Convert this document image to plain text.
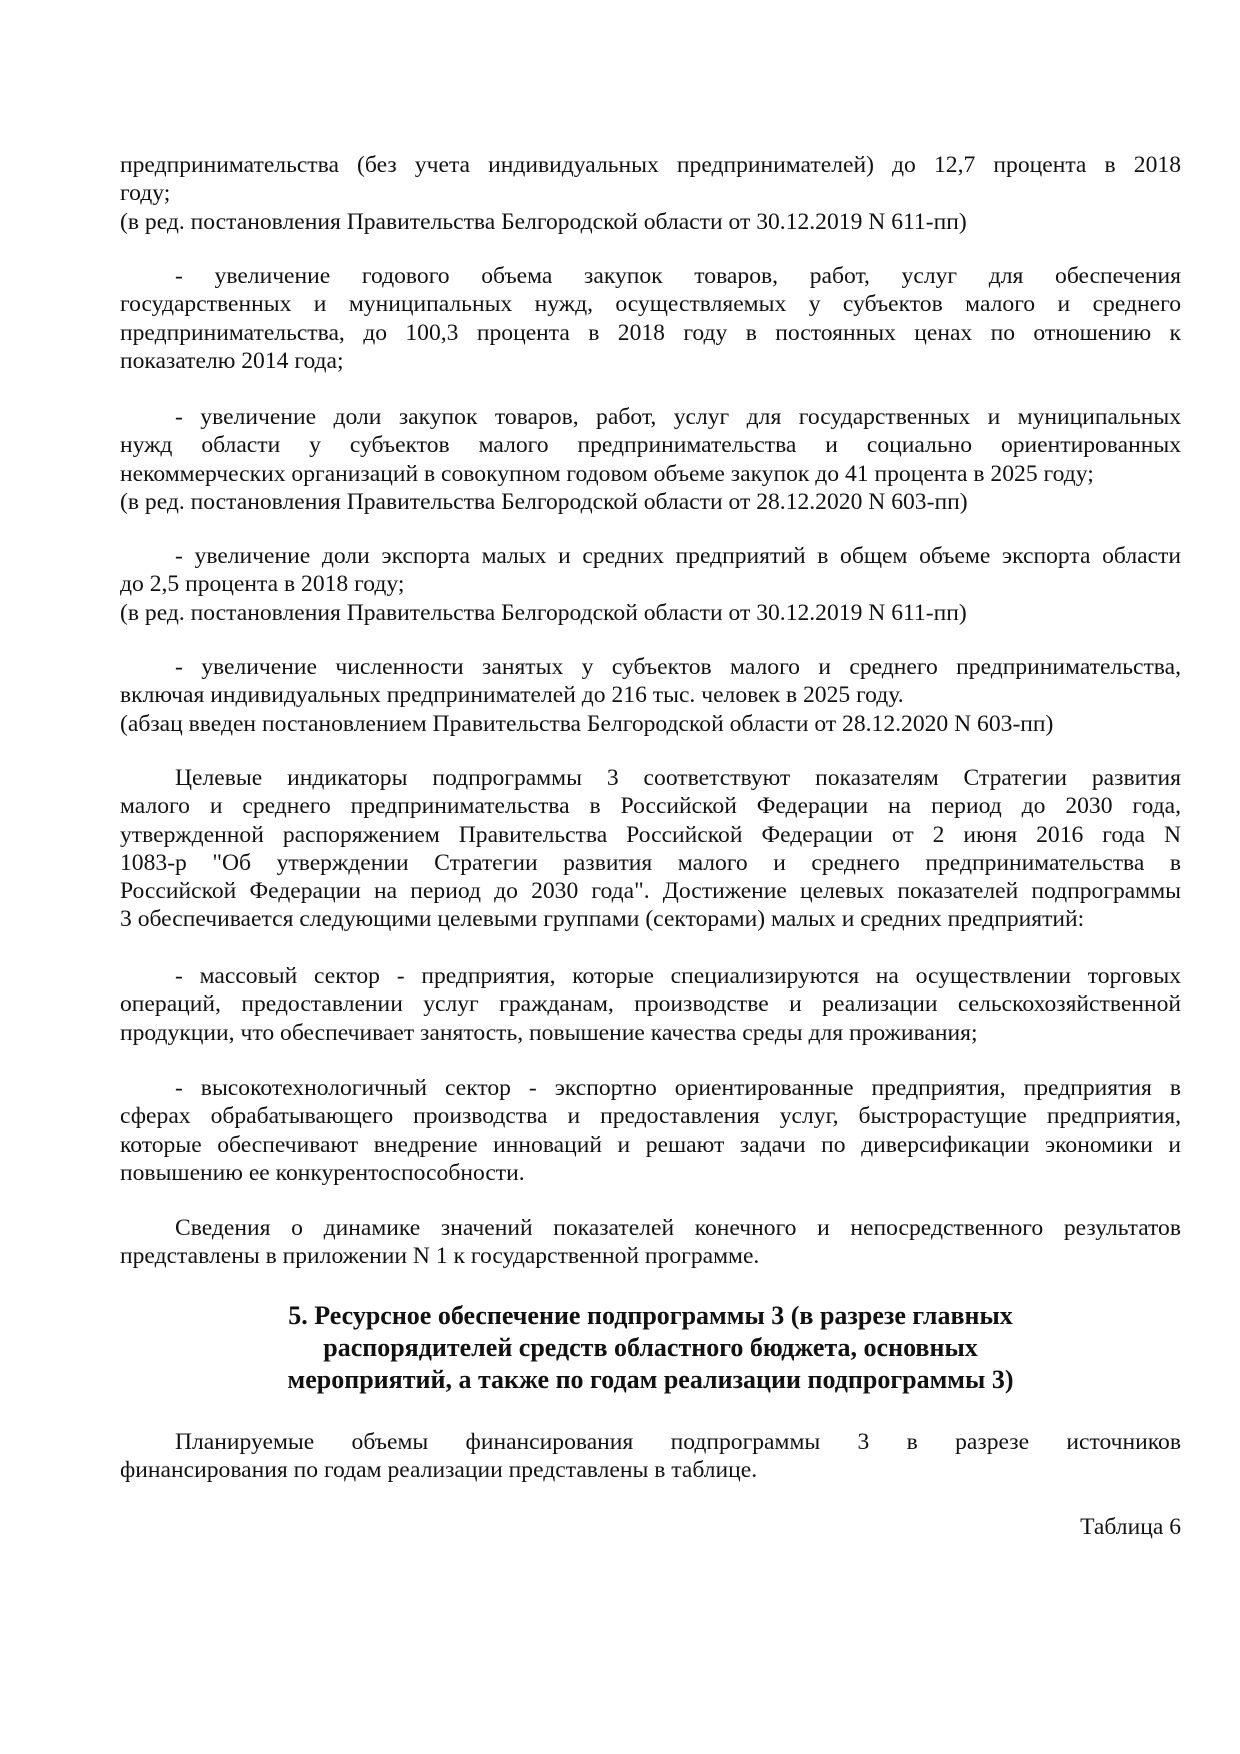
5. Ресурсное обеспечение подпрограммы 3 (в разрезе главных
распорядителей средств областного бюджета, основных
мероприятий, а также по годам реализации подпрограммы 3)
Таблица 6
предпринимательства (без учета индивидуальных предпринимателей) до 12,7 процента в 2018
году;
(в ред. постановления Правительства Белгородской области от 30.12.2019 N 611-пп)
- увеличение годового объема закупок товаров, работ, услуг для обеспечения
государственных и муниципальных нужд, осуществляемых у субъектов малого и среднего
предпринимательства, до 100,3 процента в 2018 году в постоянных ценах по отношению к
показателю 2014 года;
- увеличение доли закупок товаров, работ, услуг для государственных и муниципальных
нужд области у субъектов малого предпринимательства и социально ориентированных
некоммерческих организаций в совокупном годовом объеме закупок до 41 процента в 2025 году;
(в ред. постановления Правительства Белгородской области от 28.12.2020 N 603-пп)
- увеличение доли экспорта малых и средних предприятий в общем объеме экспорта области
до 2,5 процента в 2018 году;
(в ред. постановления Правительства Белгородской области от 30.12.2019 N 611-пп)
- увеличение численности занятых у субъектов малого и среднего предпринимательства,
включая индивидуальных предпринимателей до 216 тыс. человек в 2025 году.
(абзац введен постановлением Правительства Белгородской области от 28.12.2020 N 603-пп)
Целевые индикаторы подпрограммы 3 соответствуют показателям Стратегии развития
малого и среднего предпринимательства в Российской Федерации на период до 2030 года,
утвержденной распоряжением Правительства Российской Федерации от 2 июня 2016 года N
1083-р "Об утверждении Стратегии развития малого и среднего предпринимательства в
Российской Федерации на период до 2030 года". Достижение целевых показателей подпрограммы
3 обеспечивается следующими целевыми группами (секторами) малых и средних предприятий:
- массовый сектор - предприятия, которые специализируются на осуществлении торговых
операций, предоставлении услуг гражданам, производстве и реализации сельскохозяйственной
продукции, что обеспечивает занятость, повышение качества среды для проживания;
- высокотехнологичный сектор - экспортно ориентированные предприятия, предприятия в
сферах обрабатывающего производства и предоставления услуг, быстрорастущие предприятия,
которые обеспечивают внедрение инноваций и решают задачи по диверсификации экономики и
повышению ее конкурентоспособности.
Сведения о динамике значений показателей конечного и непосредственного результатов
представлены в приложении N 1 к государственной программе.
Планируемые объемы финансирования подпрограммы 3 в разрезе источников
финансирования по годам реализации представлены в таблице.
